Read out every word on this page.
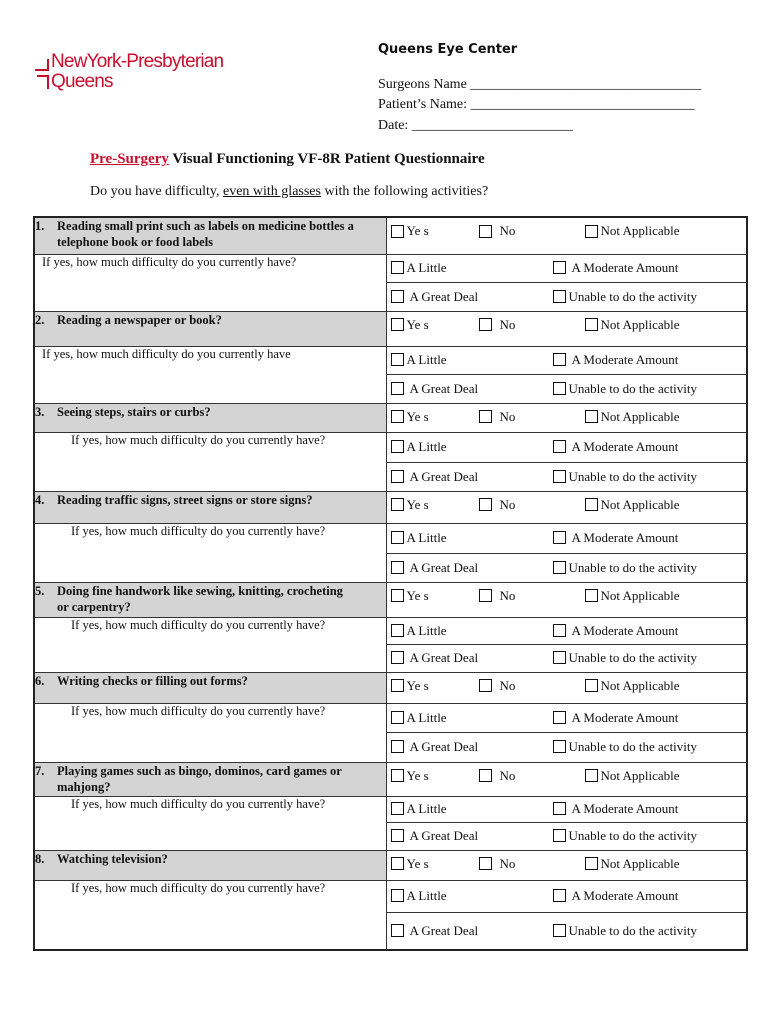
NewYork-Presbyterian
Queens
Queens Eye Center
Surgeons Name _________________________________
Patient’s Name: ________________________________
Date: _______________________
Pre-Surgery Visual Functioning VF-8R Patient Questionnaire
Do you have difficulty, even with glasses with the following activities?
1. Reading small print such as labels on medicine bottles a telephone book or food labels	Ye s No Not Applicable

If yes, how much difficulty do you currently have?	A Little A Moderate Amount

	A Great Deal Unable to do the activity

2. Reading a newspaper or book?	Ye s No Not Applicable

If yes, how much difficulty do you currently have	A Little A Moderate Amount

	A Great Deal Unable to do the activity

3. Seeing steps, stairs or curbs?	Ye s No Not Applicable

If yes, how much difficulty do you currently have?	A Little A Moderate Amount

	A Great Deal Unable to do the activity

4. Reading traffic signs, street signs or store signs?	Ye s No Not Applicable

If yes, how much difficulty do you currently have?	A Little A Moderate Amount

	A Great Deal Unable to do the activity

5. Doing fine handwork like sewing, knitting, crocheting or carpentry?	Ye s No Not Applicable

If yes, how much difficulty do you currently have?	A Little A Moderate Amount

	A Great Deal Unable to do the activity

6. Writing checks or filling out forms?	Ye s No Not Applicable

If yes, how much difficulty do you currently have?	A Little A Moderate Amount

	A Great Deal Unable to do the activity

7. Playing games such as bingo, dominos, card games or mahjong?	Ye s No Not Applicable

If yes, how much difficulty do you currently have?	A Little A Moderate Amount

	A Great Deal Unable to do the activity

8. Watching television?	Ye s No Not Applicable

If yes, how much difficulty do you currently have?	A Little A Moderate Amount

	A Great Deal Unable to do the activity
